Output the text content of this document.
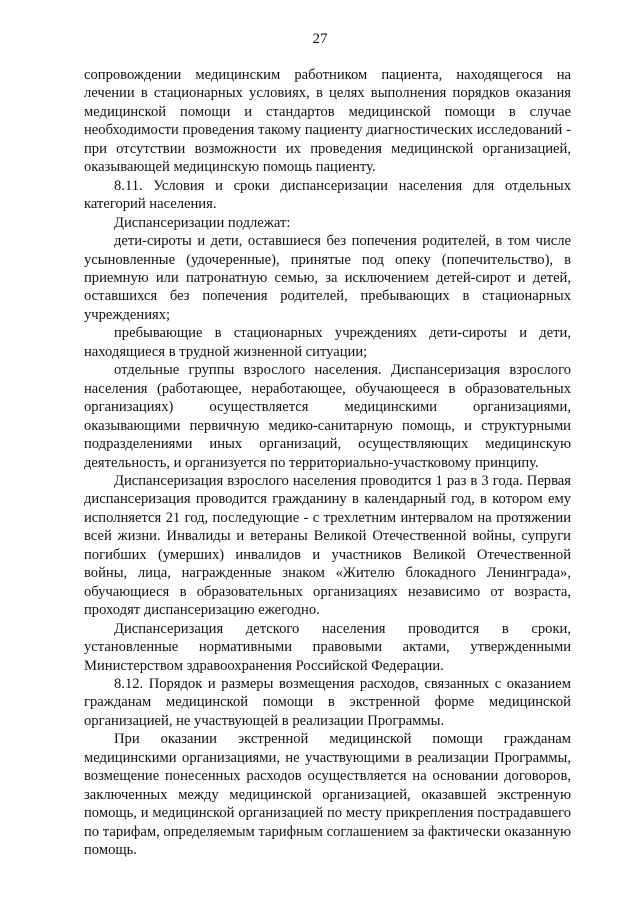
27

сопровождении медицинским работником пациента, находящегося на лечении в стационарных условиях, в целях выполнения порядков оказания медицинской помощи и стандартов медицинской помощи в случае необходимости проведения такому пациенту диагностических исследований - при отсутствии возможности их проведения медицинской организацией, оказывающей медицинскую помощь пациенту.

8.11. Условия и сроки диспансеризации населения для отдельных категорий населения.

Диспансеризации подлежат:

дети-сироты и дети, оставшиеся без попечения родителей, в том числе усыновленные (удочеренные), принятые под опеку (попечительство), в приемную или патронатную семью, за исключением детей-сирот и детей, оставшихся без попечения родителей, пребывающих в стационарных учреждениях;

пребывающие в стационарных учреждениях дети-сироты и дети, находящиеся в трудной жизненной ситуации;

отдельные группы взрослого населения. Диспансеризация взрослого населения (работающее, неработающее, обучающееся в образовательных организациях) осуществляется медицинскими организациями, оказывающими первичную медико-санитарную помощь, и структурными подразделениями иных организаций, осуществляющих медицинскую деятельность, и организуется по территориально-участковому принципу.

Диспансеризация взрослого населения проводится 1 раз в 3 года. Первая диспансеризация проводится гражданину в календарный год, в котором ему исполняется 21 год, последующие - с трехлетним интервалом на протяжении всей жизни. Инвалиды и ветераны Великой Отечественной войны, супруги погибших (умерших) инвалидов и участников Великой Отечественной войны, лица, награжденные знаком «Жителю блокадного Ленинграда», обучающиеся в образовательных организациях независимо от возраста, проходят диспансеризацию ежегодно.

Диспансеризация детского населения проводится в сроки, установленные нормативными правовыми актами, утвержденными Министерством здравоохранения Российской Федерации.

8.12. Порядок и размеры возмещения расходов, связанных с оказанием гражданам медицинской помощи в экстренной форме медицинской организацией, не участвующей в реализации Программы.

При оказании экстренной медицинской помощи гражданам медицинскими организациями, не участвующими в реализации Программы, возмещение понесенных расходов осуществляется на основании договоров, заключенных между медицинской организацией, оказавшей экстренную помощь, и медицинской организацией по месту прикрепления пострадавшего по тарифам, определяемым тарифным соглашением за фактически оказанную помощь.
